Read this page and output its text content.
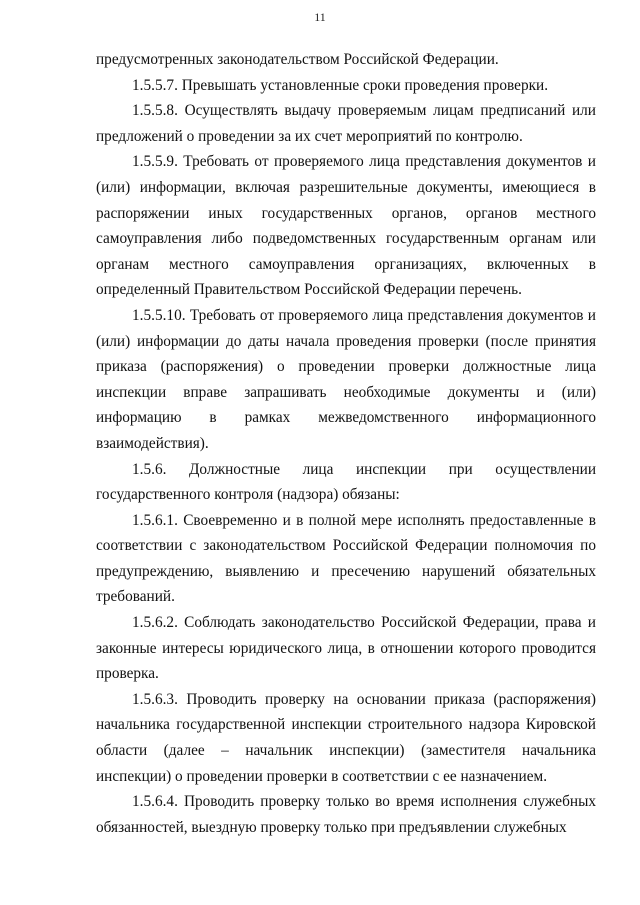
11

предусмотренных законодательством Российской Федерации.

1.5.5.7. Превышать установленные сроки проведения проверки.

1.5.5.8. Осуществлять выдачу проверяемым лицам предписаний или предложений о проведении за их счет мероприятий по контролю.

1.5.5.9. Требовать от проверяемого лица представления документов и (или) информации, включая разрешительные документы, имеющиеся в распоряжении иных государственных органов, органов местного самоуправления либо подведомственных государственным органам или органам местного самоуправления организациях, включенных в определенный Правительством Российской Федерации перечень.

1.5.5.10. Требовать от проверяемого лица представления документов и (или) информации до даты начала проведения проверки (после принятия приказа (распоряжения) о проведении проверки должностные лица инспекции вправе запрашивать необходимые документы и (или) информацию в рамках межведомственного информационного взаимодействия).

1.5.6. Должностные лица инспекции при осуществлении государственного контроля (надзора) обязаны:

1.5.6.1. Своевременно и в полной мере исполнять предоставленные в соответствии с законодательством Российской Федерации полномочия по предупреждению, выявлению и пресечению нарушений обязательных требований.

1.5.6.2. Соблюдать законодательство Российской Федерации, права и законные интересы юридического лица, в отношении которого проводится проверка.

1.5.6.3. Проводить проверку на основании приказа (распоряжения) начальника государственной инспекции строительного надзора Кировской области (далее – начальник инспекции) (заместителя начальника инспекции) о проведении проверки в соответствии с ее назначением.

1.5.6.4. Проводить проверку только во время исполнения служебных обязанностей, выездную проверку только при предъявлении служебных
